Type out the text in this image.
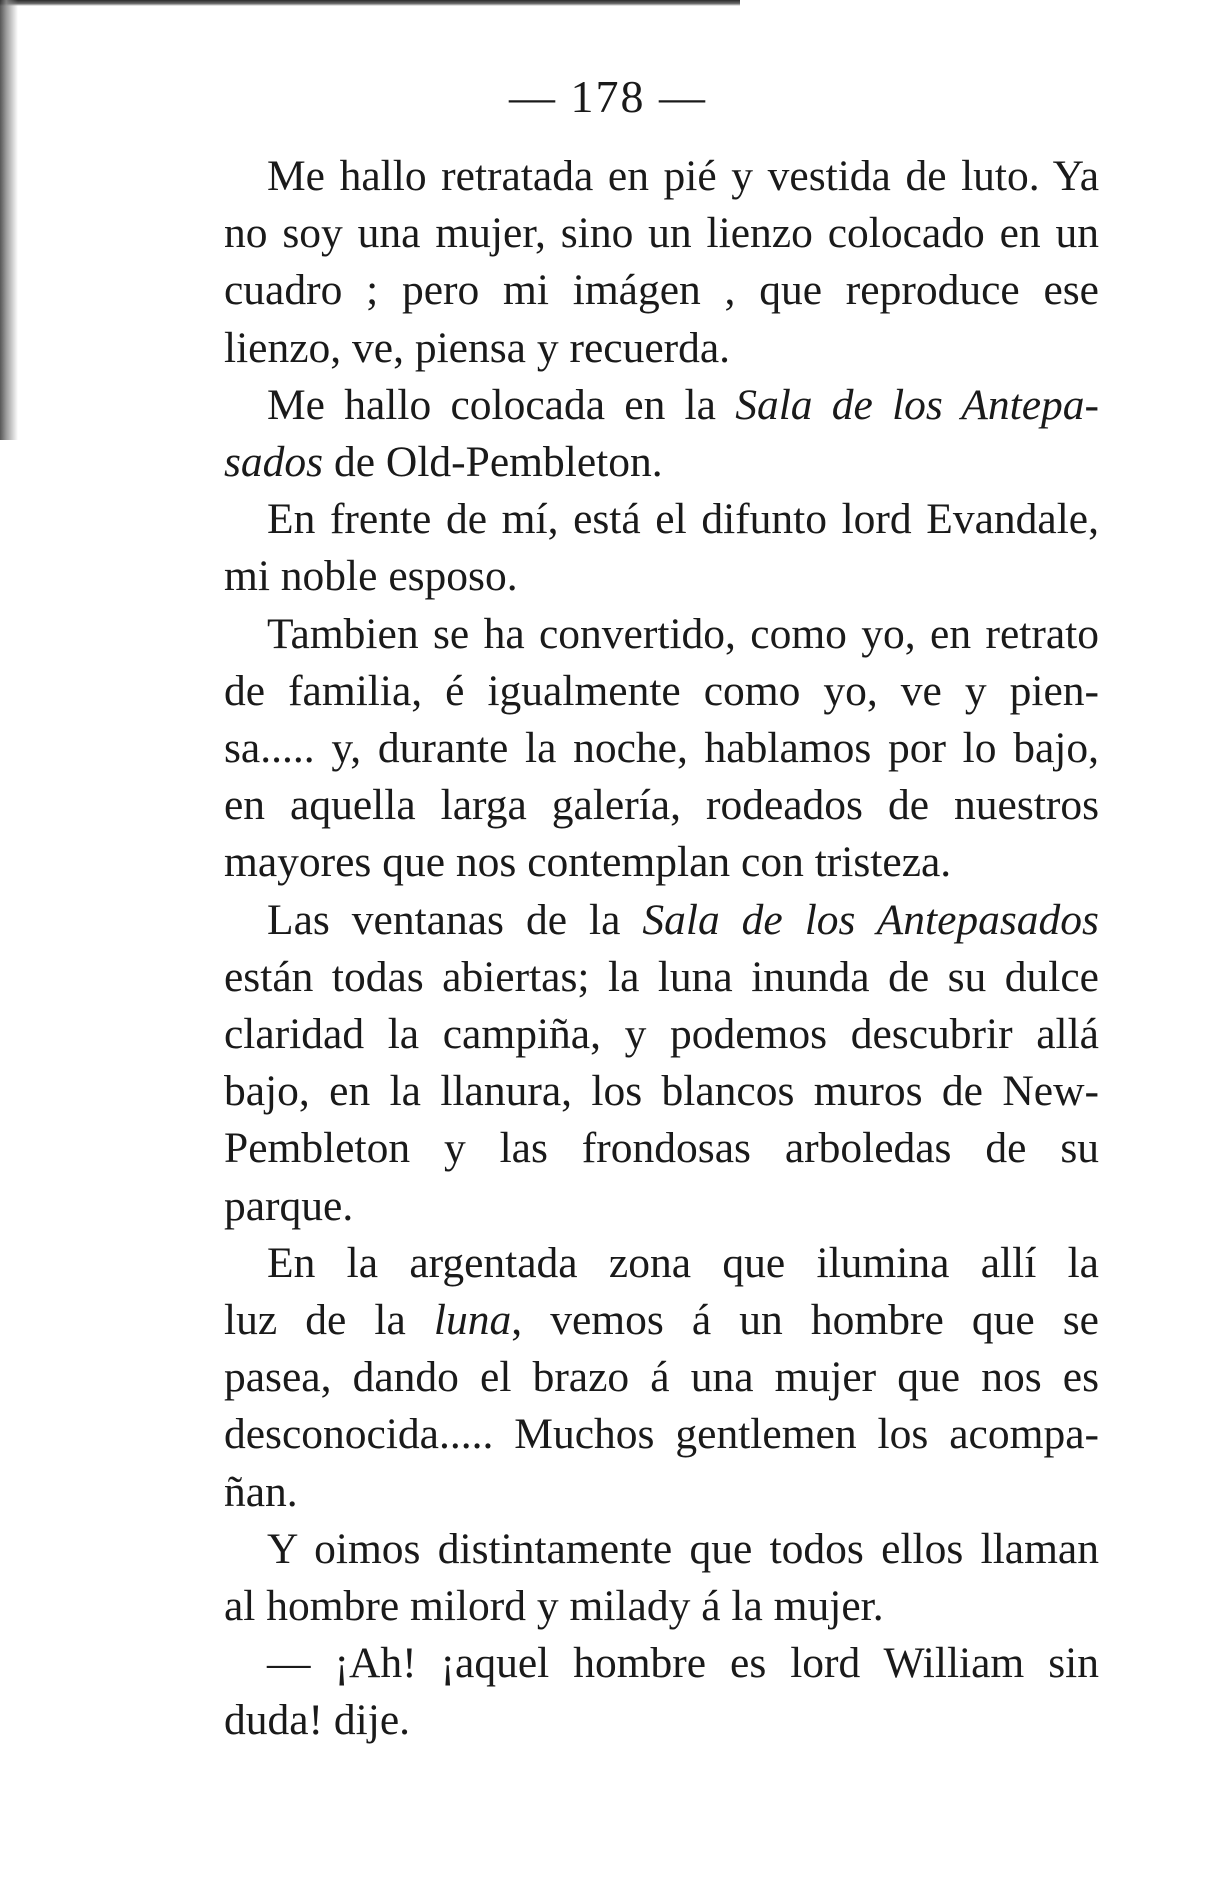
— 178 —
Me hallo retratada en pié y vestida de luto. Ya
no soy una mujer, sino un lienzo colocado en un
cuadro ; pero mi imágen , que reproduce ese
lienzo, ve, piensa y recuerda.
Me hallo colocada en la Sala de los Antepa-
sados de Old-Pembleton.
En frente de mí, está el difunto lord Evandale,
mi noble esposo.
Tambien se ha convertido, como yo, en retrato
de familia, é igualmente como yo, ve y pien-
sa..... y, durante la noche, hablamos por lo bajo,
en aquella larga galería, rodeados de nuestros
mayores que nos contemplan con tristeza.
Las ventanas de la Sala de los Antepasados
están todas abiertas; la luna inunda de su dulce
claridad la campiña, y podemos descubrir allá
bajo, en la llanura, los blancos muros de New-
Pembleton y las frondosas arboledas de su
parque.
En la argentada zona que ilumina allí la
luz de la luna, vemos á un hombre que se
pasea, dando el brazo á una mujer que nos es
desconocida..... Muchos gentlemen los acompa-
ñan.
Y oimos distintamente que todos ellos llaman
al hombre milord y milady á la mujer.
— ¡Ah! ¡aquel hombre es lord William sin
duda! dije.
